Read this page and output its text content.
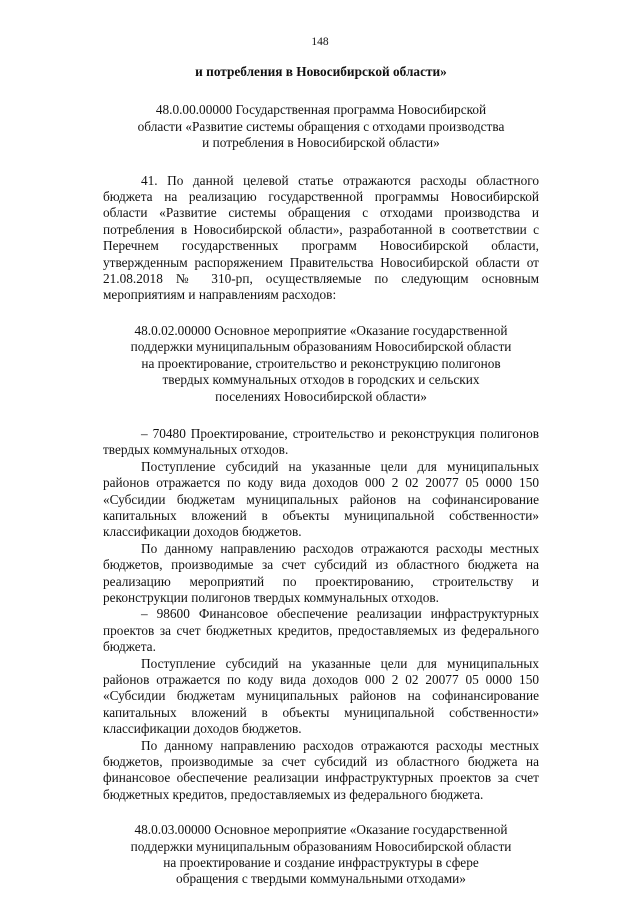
148

и потребления в Новосибирской области»

48.0.00.00000 Государственная программа Новосибирской
области «Развитие системы обращения с отходами производства
и потребления в Новосибирской области»

41. По данной целевой статье отражаются расходы областного бюджета на реализацию государственной программы Новосибирской области «Развитие системы обращения с отходами производства и потребления в Новосибирской области», разработанной в соответствии с Перечнем государственных программ Новосибирской области, утвержденным распоряжением Правительства Новосибирской области от 21.08.2018 № 310-рп, осуществляемые по следующим основным мероприятиям и направлениям расходов:

48.0.02.00000 Основное мероприятие «Оказание государственной
поддержки муниципальным образованиям Новосибирской области
на проектирование, строительство и реконструкцию полигонов
твердых коммунальных отходов в городских и сельских
поселениях Новосибирской области»

– 70480 Проектирование, строительство и реконструкция полигонов твердых коммунальных отходов.

Поступление субсидий на указанные цели для муниципальных районов отражается по коду вида доходов 000 2 02 20077 05 0000 150 «Субсидии бюджетам муниципальных районов на софинансирование капитальных вложений в объекты муниципальной собственности» классификации доходов бюджетов.

По данному направлению расходов отражаются расходы местных бюджетов, производимые за счет субсидий из областного бюджета на реализацию мероприятий по проектированию, строительству и реконструкции полигонов твердых коммунальных отходов.

– 98600 Финансовое обеспечение реализации инфраструктурных проектов за счет бюджетных кредитов, предоставляемых из федерального бюджета.

Поступление субсидий на указанные цели для муниципальных районов отражается по коду вида доходов 000 2 02 20077 05 0000 150 «Субсидии бюджетам муниципальных районов на софинансирование капитальных вложений в объекты муниципальной собственности» классификации доходов бюджетов.

По данному направлению расходов отражаются расходы местных бюджетов, производимые за счет субсидий из областного бюджета на финансовое обеспечение реализации инфраструктурных проектов за счет бюджетных кредитов, предоставляемых из федерального бюджета.

48.0.03.00000 Основное мероприятие «Оказание государственной
поддержки муниципальным образованиям Новосибирской области
на проектирование и создание инфраструктуры в сфере
обращения с твердыми коммунальными отходами»
